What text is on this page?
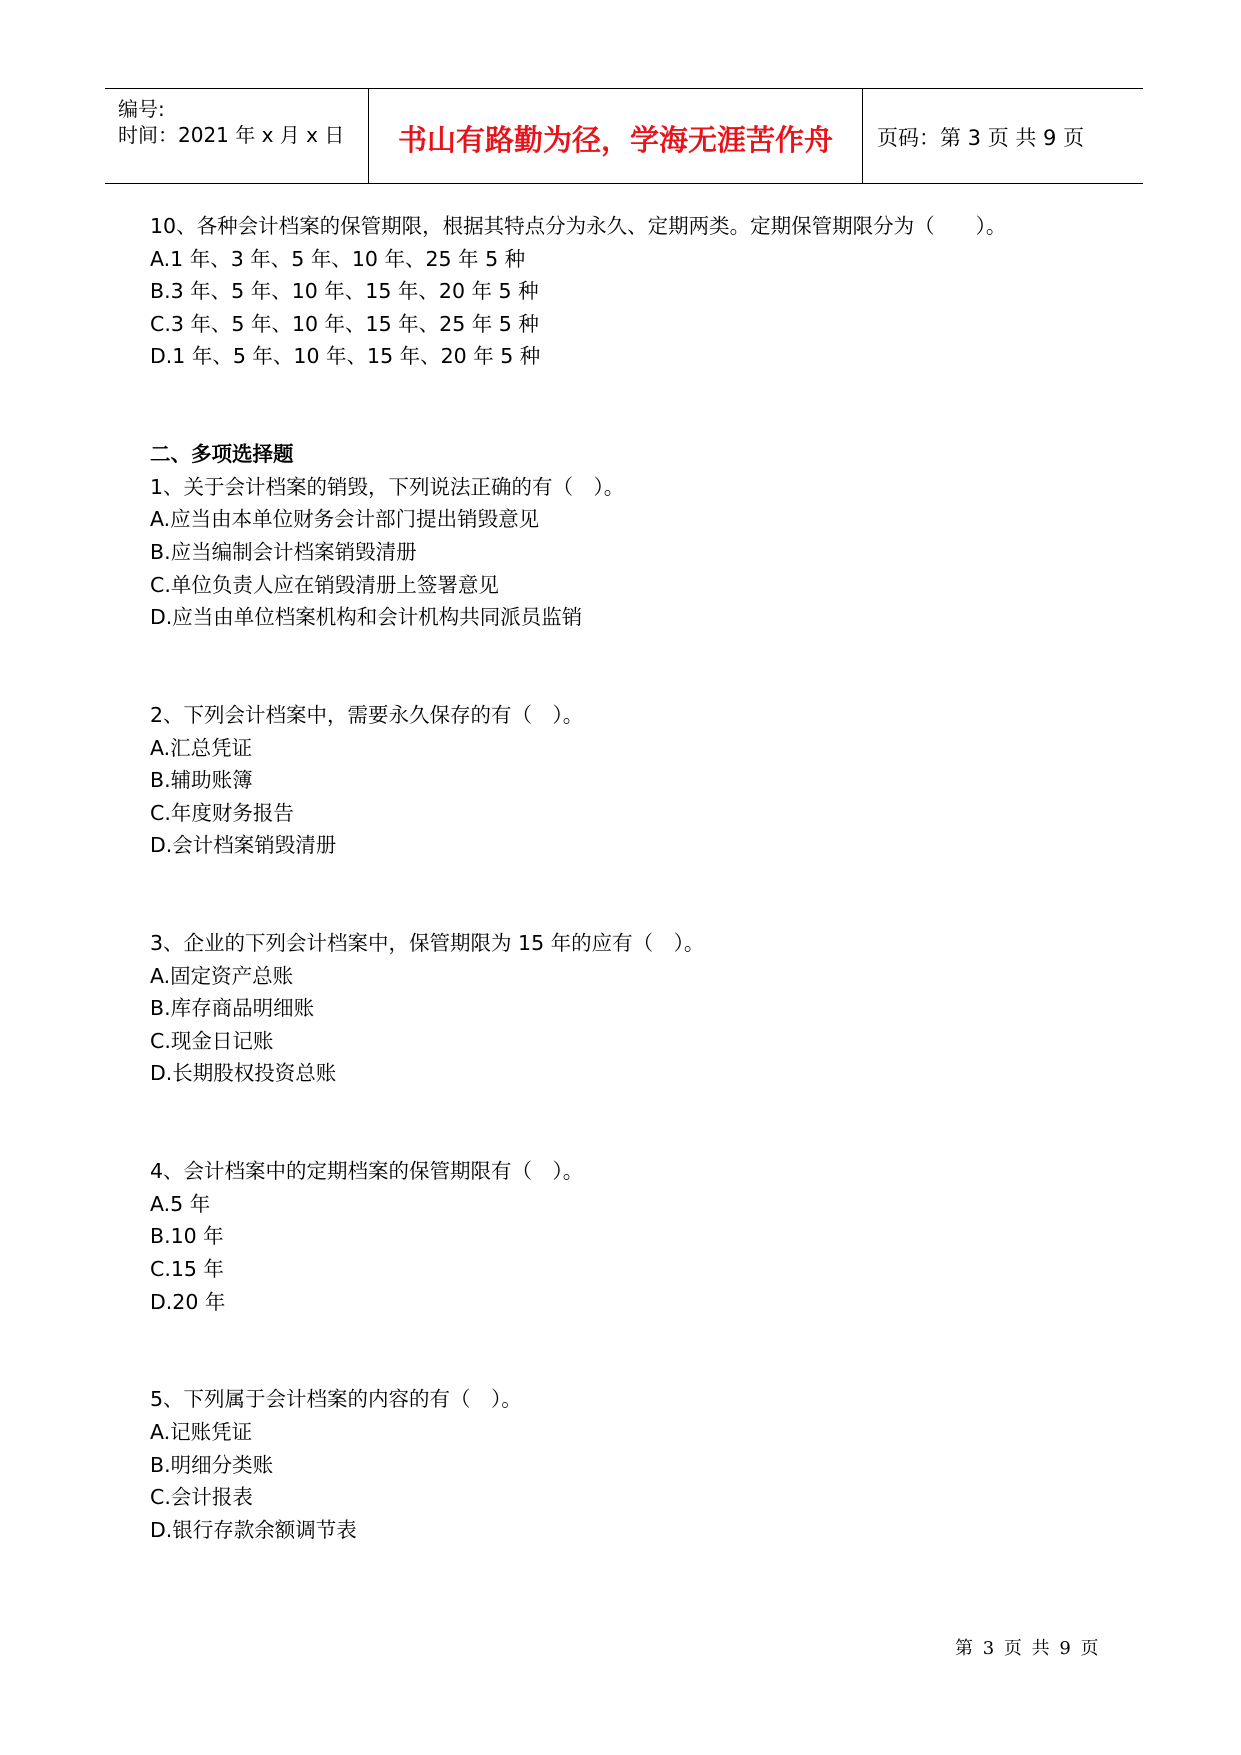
编号:
时间：2021 年 x 月 x 日	书山有路勤为径，学海无涯苦作舟	页码：第 3 页 共 9 页
10、各种会计档案的保管期限，根据其特点分为永久、定期两类。定期保管期限分为（　　）。
A.1 年、3 年、5 年、10 年、25 年 5 种
B.3 年、5 年、10 年、15 年、20 年 5 种
C.3 年、5 年、10 年、15 年、25 年 5 种
D.1 年、5 年、10 年、15 年、20 年 5 种
二、多项选择题
1、关于会计档案的销毁，下列说法正确的有（　）。
A.应当由本单位财务会计部门提出销毁意见
B.应当编制会计档案销毁清册
C.单位负责人应在销毁清册上签署意见
D.应当由单位档案机构和会计机构共同派员监销
2、下列会计档案中，需要永久保存的有（　）。
A.汇总凭证
B.辅助账簿
C.年度财务报告
D.会计档案销毁清册
3、企业的下列会计档案中，保管期限为 15 年的应有（　）。
A.固定资产总账
B.库存商品明细账
C.现金日记账
D.长期股权投资总账
4、会计档案中的定期档案的保管期限有（　）。
A.5 年
B.10 年
C.15 年
D.20 年
5、下列属于会计档案的内容的有（　）。
A.记账凭证
B.明细分类账
C.会计报表
D.银行存款余额调节表
第 3 页 共 9 页
